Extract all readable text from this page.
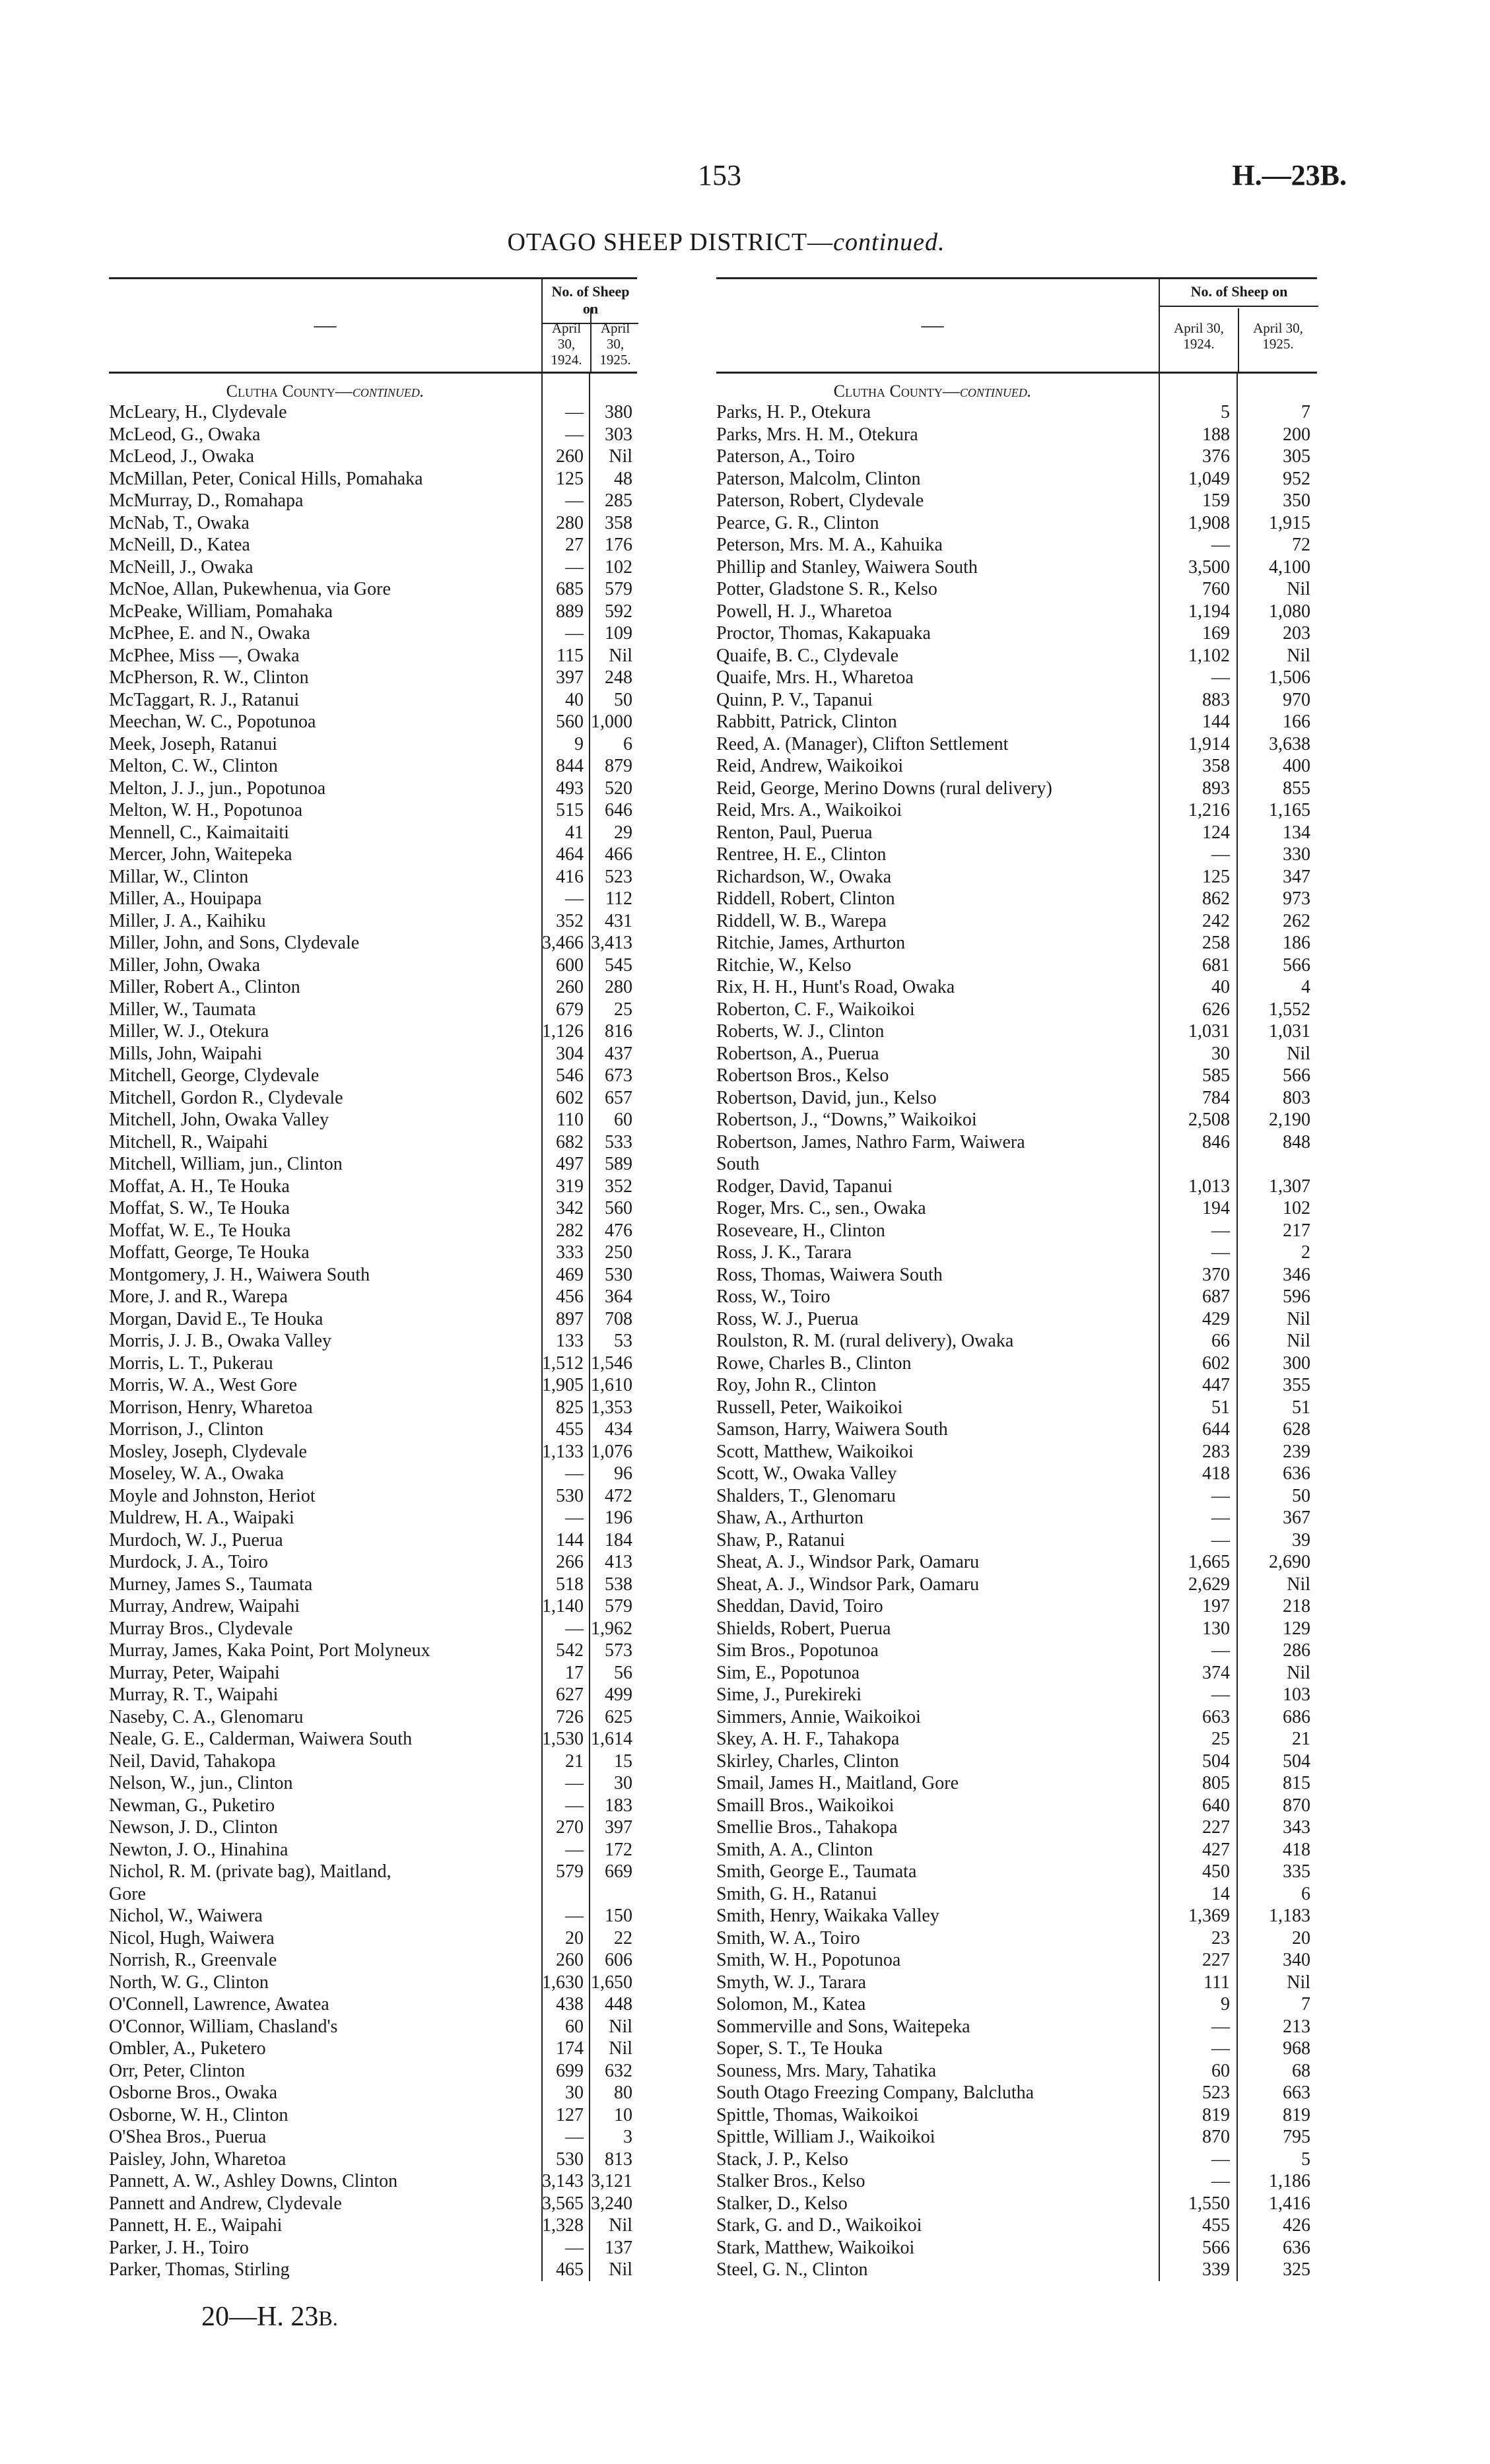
153	H.—23B.
OTAGO SHEEP DISTRICT—continued.
—
No. of Sheep on
April 30,
1924.
April 30,
1925.
Clutha County—continued.
McLeary, H., Clydevale	—	380
McLeod, G., Owaka	—	303
McLeod, J., Owaka	260	Nil
McMillan, Peter, Conical Hills, Pomahaka	125	48
McMurray, D., Romahapa	—	285
McNab, T., Owaka	280	358
McNeill, D., Katea	27	176
McNeill, J., Owaka	—	102
McNoe, Allan, Pukewhenua, via Gore	685	579
McPeake, William, Pomahaka	889	592
McPhee, E. and N., Owaka	—	109
McPhee, Miss —, Owaka	115	Nil
McPherson, R. W., Clinton	397	248
McTaggart, R. J., Ratanui	40	50
Meechan, W. C., Popotunoa	560 1,000
Meek, Joseph, Ratanui	9	6
Melton, C. W., Clinton	844	879
Melton, J. J., jun., Popotunoa	493	520
Melton, W. H., Popotunoa	515	646
Mennell, C., Kaimaitaiti	41	29
Mercer, John, Waitepeka	464	466
Millar, W., Clinton	416	523
Miller, A., Houipapa	—	112
Miller, J. A., Kaihiku	352	431
Miller, John, and Sons, Clydevale	3,466 3,413
Miller, John, Owaka	600	545
Miller, Robert A., Clinton	260	280
Miller, W., Taumata	679	25
Miller, W. J., Otekura	1,126	816
Mills, John, Waipahi	304	437
Mitchell, George, Clydevale	546	673
Mitchell, Gordon R., Clydevale	602	657
Mitchell, John, Owaka Valley	110	60
Mitchell, R., Waipahi	682	533
Mitchell, William, jun., Clinton	497	589
Moffat, A. H., Te Houka	319	352
Moffat, S. W., Te Houka	342	560
Moffat, W. E., Te Houka	282	476
Moffatt, George, Te Houka	333	250
Montgomery, J. H., Waiwera South	469	530
More, J. and R., Warepa	456	364
Morgan, David E., Te Houka	897	708
Morris, J. J. B., Owaka Valley	133	53
Morris, L. T., Pukerau	1,512 1,546
Morris, W. A., West Gore	1,905 1,610
Morrison, Henry, Wharetoa	825 1,353
Morrison, J., Clinton	455	434
Mosley, Joseph, Clydevale	1,133 1,076
Moseley, W. A., Owaka	—	96
Moyle and Johnston, Heriot	530	472
Muldrew, H. A., Waipaki	—	196
Murdoch, W. J., Puerua	144	184
Murdock, J. A., Toiro	266	413
Murney, James S., Taumata	518	538
Murray, Andrew, Waipahi	1,140	579
Murray Bros., Clydevale	— 1,962
Murray, James, Kaka Point, Port Molyneux	542	573
Murray, Peter, Waipahi	17	56
Murray, R. T., Waipahi	627	499
Naseby, C. A., Glenomaru	726	625
Neale, G. E., Calderman, Waiwera South	1,530 1,614
Neil, David, Tahakopa	21	15
Nelson, W., jun., Clinton	—	30
Newman, G., Puketiro	—	183
Newson, J. D., Clinton	270	397
Newton, J. O., Hinahina	—	172
Nichol, R. M. (private bag), Maitland,	579	669
Gore
Nichol, W., Waiwera	—	150
Nicol, Hugh, Waiwera	20	22
Norrish, R., Greenvale	260	606
North, W. G., Clinton	1,630 1,650
O'Connell, Lawrence, Awatea	438	448
O'Connor, William, Chasland's	60	Nil
Ombler, A., Puketero	174	Nil
Orr, Peter, Clinton	699	632
Osborne Bros., Owaka	30	80
Osborne, W. H., Clinton	127	10
O'Shea Bros., Puerua	—	3
Paisley, John, Wharetoa	530	813
Pannett, A. W., Ashley Downs, Clinton	3,143 3,121
Pannett and Andrew, Clydevale	3,565 3,240
Pannett, H. E., Waipahi	1,328	Nil
Parker, J. H., Toiro	—	137
Parker, Thomas, Stirling	465	Nil
—
No. of Sheep on
April 30,
1924.
April 30,
1925.
Clutha County—continued.
Parks, H. P., Otekura	5	7
Parks, Mrs. H. M., Otekura	188	200
Paterson, A., Toiro	376	305
Paterson, Malcolm, Clinton	1,049	952
Paterson, Robert, Clydevale	159	350
Pearce, G. R., Clinton	1,908	1,915
Peterson, Mrs. M. A., Kahuika	—	72
Phillip and Stanley, Waiwera South	3,500	4,100
Potter, Gladstone S. R., Kelso	760	Nil
Powell, H. J., Wharetoa	1,194	1,080
Proctor, Thomas, Kakapuaka	169	203
Quaife, B. C., Clydevale	1,102	Nil
Quaife, Mrs. H., Wharetoa	—	1,506
Quinn, P. V., Tapanui	883	970
Rabbitt, Patrick, Clinton	144	166
Reed, A. (Manager), Clifton Settlement	1,914	3,638
Reid, Andrew, Waikoikoi	358	400
Reid, George, Merino Downs (rural delivery)	893	855
Reid, Mrs. A., Waikoikoi	1,216	1,165
Renton, Paul, Puerua	124	134
Rentree, H. E., Clinton	—	330
Richardson, W., Owaka	125	347
Riddell, Robert, Clinton	862	973
Riddell, W. B., Warepa	242	262
Ritchie, James, Arthurton	258	186
Ritchie, W., Kelso	681	566
Rix, H. H., Hunt's Road, Owaka	40	4
Roberton, C. F., Waikoikoi	626	1,552
Roberts, W. J., Clinton	1,031	1,031
Robertson, A., Puerua	30	Nil
Robertson Bros., Kelso	585	566
Robertson, David, jun., Kelso	784	803
Robertson, J., “Downs,” Waikoikoi	2,508	2,190
Robertson, James, Nathro Farm, Waiwera	846	848
South
Rodger, David, Tapanui	1,013	1,307
Roger, Mrs. C., sen., Owaka	194	102
Roseveare, H., Clinton	—	217
Ross, J. K., Tarara	—	2
Ross, Thomas, Waiwera South	370	346
Ross, W., Toiro	687	596
Ross, W. J., Puerua	429	Nil
Roulston, R. M. (rural delivery), Owaka	66	Nil
Rowe, Charles B., Clinton	602	300
Roy, John R., Clinton	447	355
Russell, Peter, Waikoikoi	51	51
Samson, Harry, Waiwera South	644	628
Scott, Matthew, Waikoikoi	283	239
Scott, W., Owaka Valley	418	636
Shalders, T., Glenomaru	—	50
Shaw, A., Arthurton	—	367
Shaw, P., Ratanui	—	39
Sheat, A. J., Windsor Park, Oamaru	1,665	2,690
Sheat, A. J., Windsor Park, Oamaru	2,629	Nil
Sheddan, David, Toiro	197	218
Shields, Robert, Puerua	130	129
Sim Bros., Popotunoa	—	286
Sim, E., Popotunoa	374	Nil
Sime, J., Purekireki	—	103
Simmers, Annie, Waikoikoi	663	686
Skey, A. H. F., Tahakopa	25	21
Skirley, Charles, Clinton	504	504
Smail, James H., Maitland, Gore	805	815
Smaill Bros., Waikoikoi	640	870
Smellie Bros., Tahakopa	227	343
Smith, A. A., Clinton	427	418
Smith, George E., Taumata	450	335
Smith, G. H., Ratanui	14	6
Smith, Henry, Waikaka Valley	1,369	1,183
Smith, W. A., Toiro	23	20
Smith, W. H., Popotunoa	227	340
Smyth, W. J., Tarara	111	Nil
Solomon, M., Katea	9	7
Sommerville and Sons, Waitepeka	—	213
Soper, S. T., Te Houka	—	968
Souness, Mrs. Mary, Tahatika	60	68
South Otago Freezing Company, Balclutha	523	663
Spittle, Thomas, Waikoikoi	819	819
Spittle, William J., Waikoikoi	870	795
Stack, J. P., Kelso	—	5
Stalker Bros., Kelso	—	1,186
Stalker, D., Kelso	1,550	1,416
Stark, G. and D., Waikoikoi	455	426
Stark, Matthew, Waikoikoi	566	636
Steel, G. N., Clinton	339	325
20—H. 23B.
